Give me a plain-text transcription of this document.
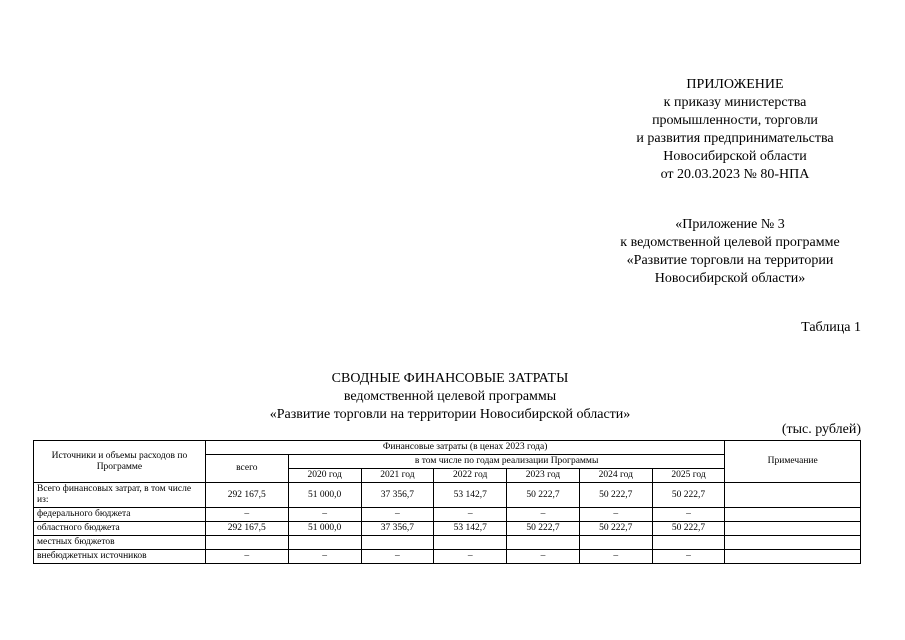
ПРИЛОЖЕНИЕ
к приказу министерства
промышленности, торговли
и развития предпринимательства
Новосибирской области
от 20.03.2023 № 80-НПА
«Приложение № 3
к ведомственной целевой программе
«Развитие торговли на территории
Новосибирской области»
Таблица 1
СВОДНЫЕ ФИНАНСОВЫЕ ЗАТРАТЫ
ведомственной целевой программы
«Развитие торговли на территории Новосибирской области»
(тыс. рублей)
Источники и объемы расходов по Программе	Финансовые затраты (в ценах 2023 года)							Примечание
	всего	в том числе по годам реализации Программы						
		2020 год	2021 год	2022 год	2023 год	2024 год	2025 год	
Всего финансовых затрат, в том числе из:	292 167,5	51 000,0	37 356,7	53 142,7	50 222,7	50 222,7	50 222,7	
федерального бюджета	–	–	–	–	–	–	–	
областного бюджета	292 167,5	51 000,0	37 356,7	53 142,7	50 222,7	50 222,7	50 222,7	
местных бюджетов								
внебюджетных источников	–	–	–	–	–	–	–	
